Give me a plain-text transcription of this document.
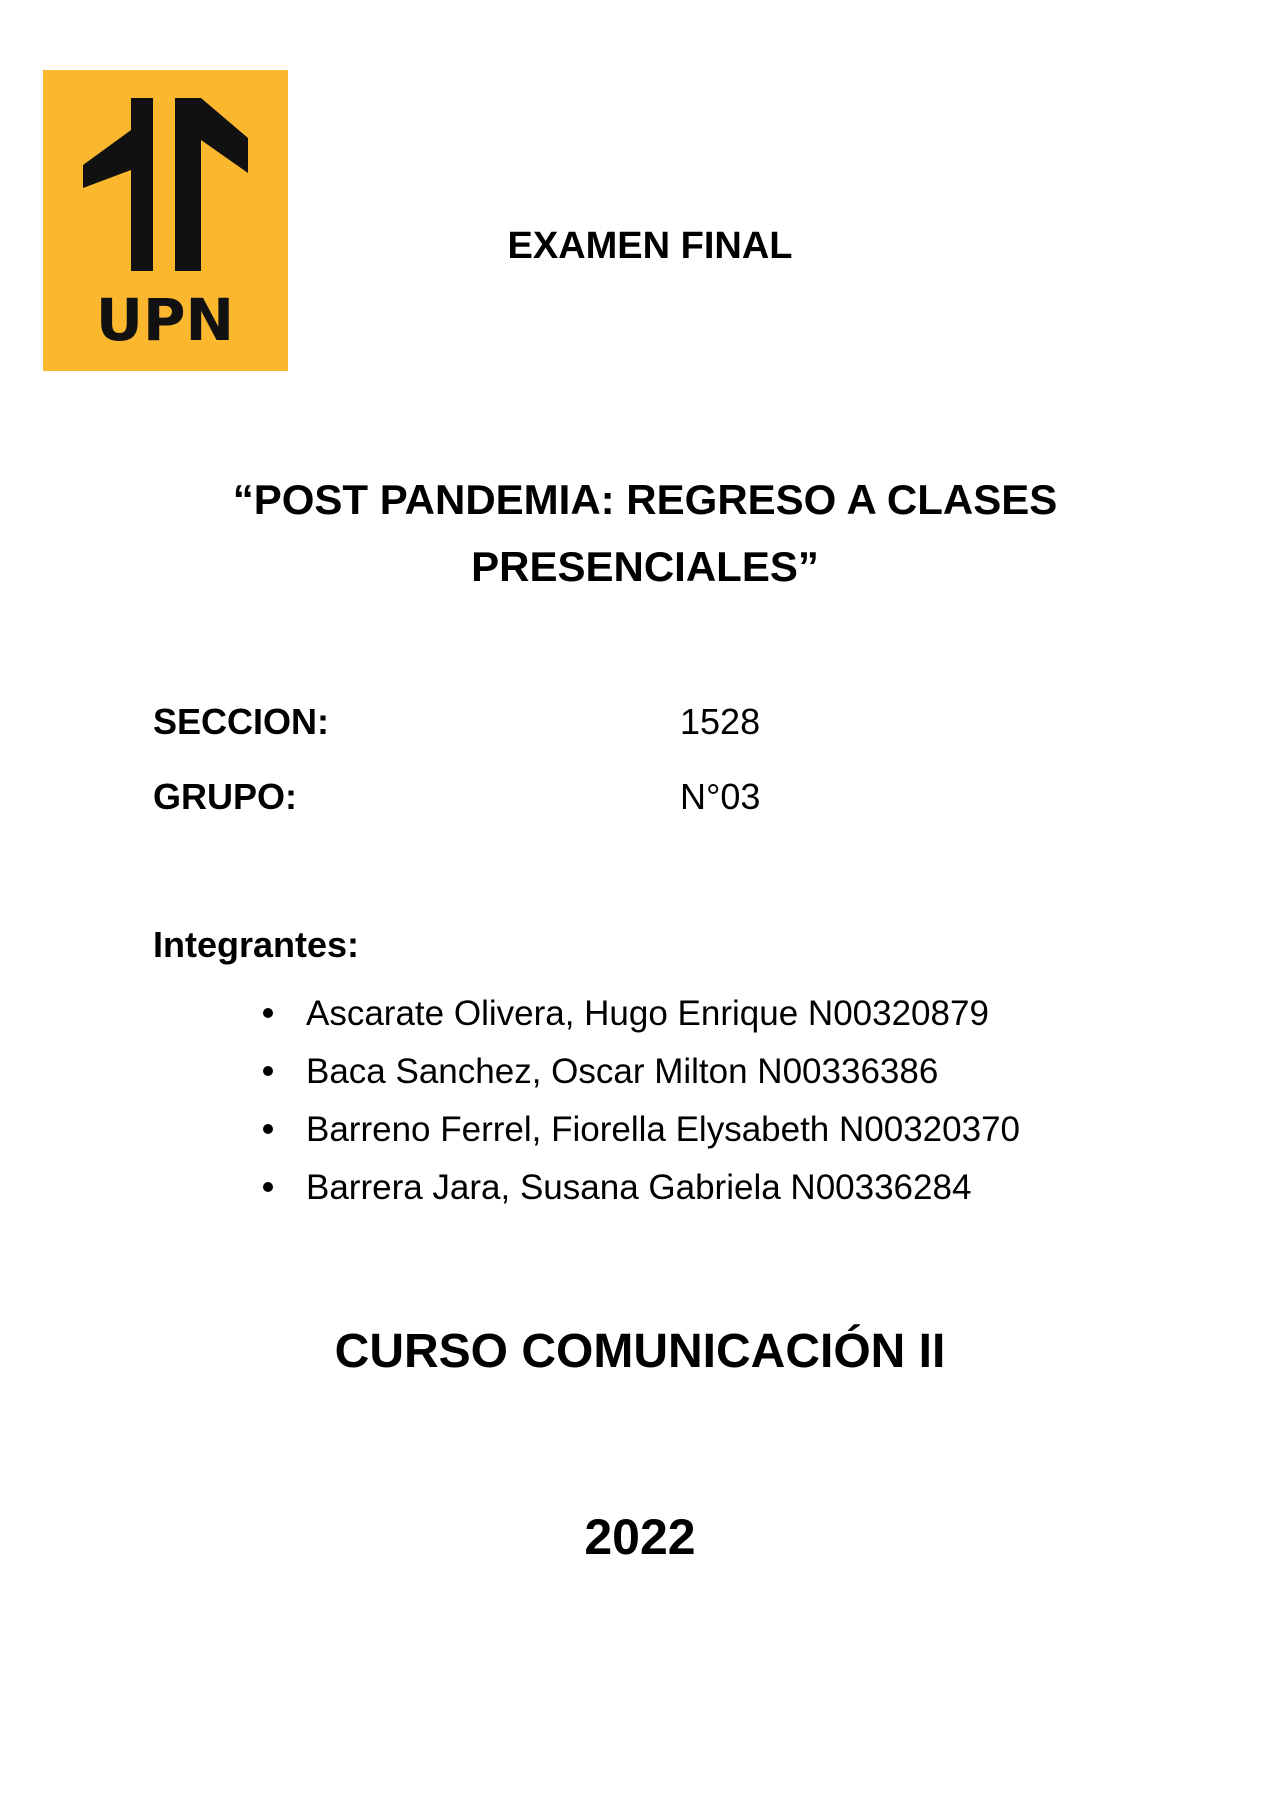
UPN
EXAMEN FINAL
“POST PANDEMIA: REGRESO A CLASES
PRESENCIALES”
SECCION:	1528
GRUPO:	N°03
Integrantes:
Ascarate Olivera, Hugo Enrique N00320879
Baca Sanchez, Oscar Milton N00336386
Barreno Ferrel, Fiorella Elysabeth N00320370
Barrera Jara, Susana Gabriela N00336284
CURSO COMUNICACIÓN II
2022
